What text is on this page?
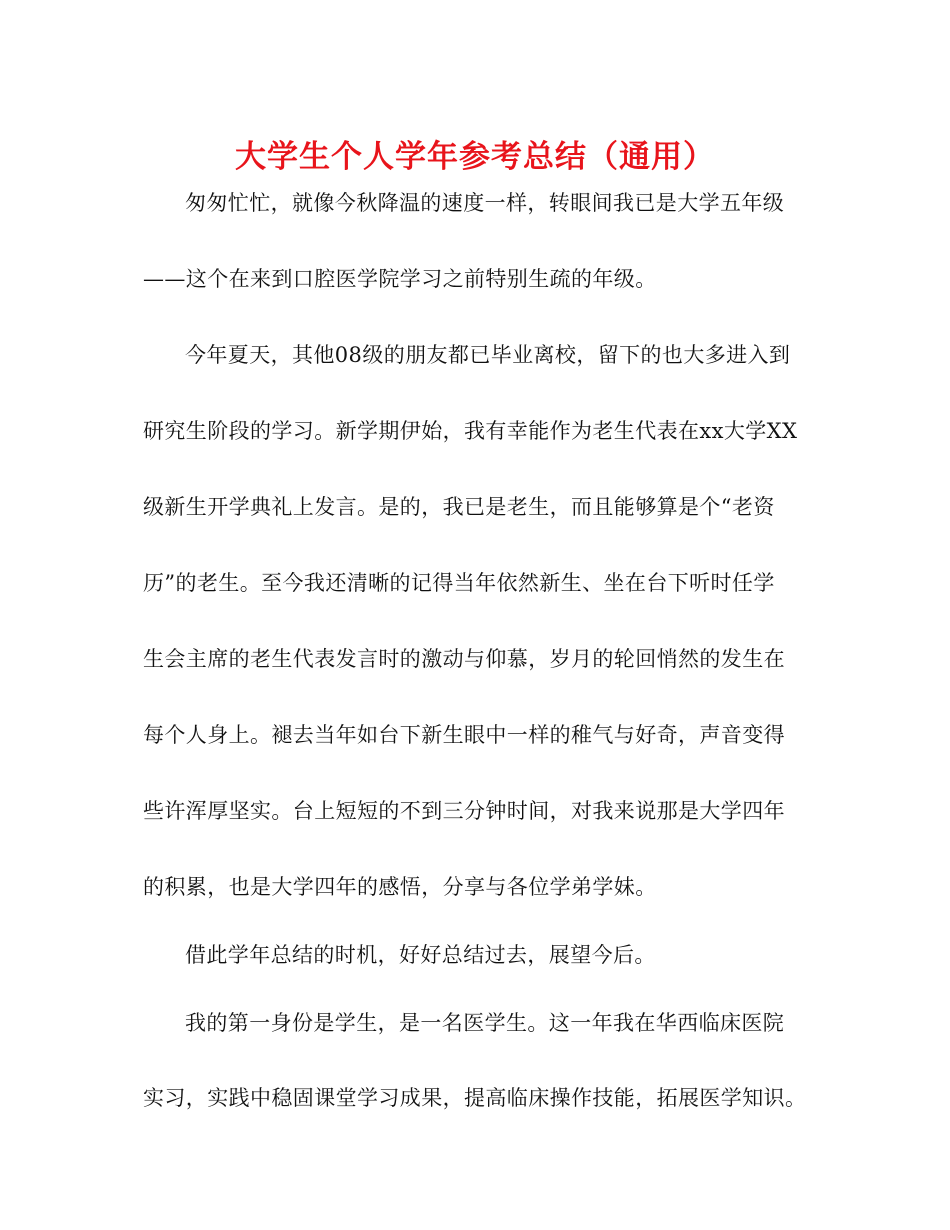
大学生个人学年参考总结（通用）
匆匆忙忙，就像今秋降温的速度一样，转眼间我已是大学五年级
——这个在来到口腔医学院学习之前特别生疏的年级。
今年夏天，其他08级的朋友都已毕业离校，留下的也大多进入到
研究生阶段的学习。新学期伊始，我有幸能作为老生代表在xx大学XX
级新生开学典礼上发言。是的，我已是老生，而且能够算是个“老资
历”的老生。至今我还清晰的记得当年依然新生、坐在台下听时任学
生会主席的老生代表发言时的激动与仰慕，岁月的轮回悄然的发生在
每个人身上。褪去当年如台下新生眼中一样的稚气与好奇，声音变得
些许浑厚坚实。台上短短的不到三分钟时间，对我来说那是大学四年
的积累，也是大学四年的感悟，分享与各位学弟学妹。
借此学年总结的时机，好好总结过去，展望今后。
我的第一身份是学生，是一名医学生。这一年我在华西临床医院
实习，实践中稳固课堂学习成果，提高临床操作技能，拓展医学知识。
